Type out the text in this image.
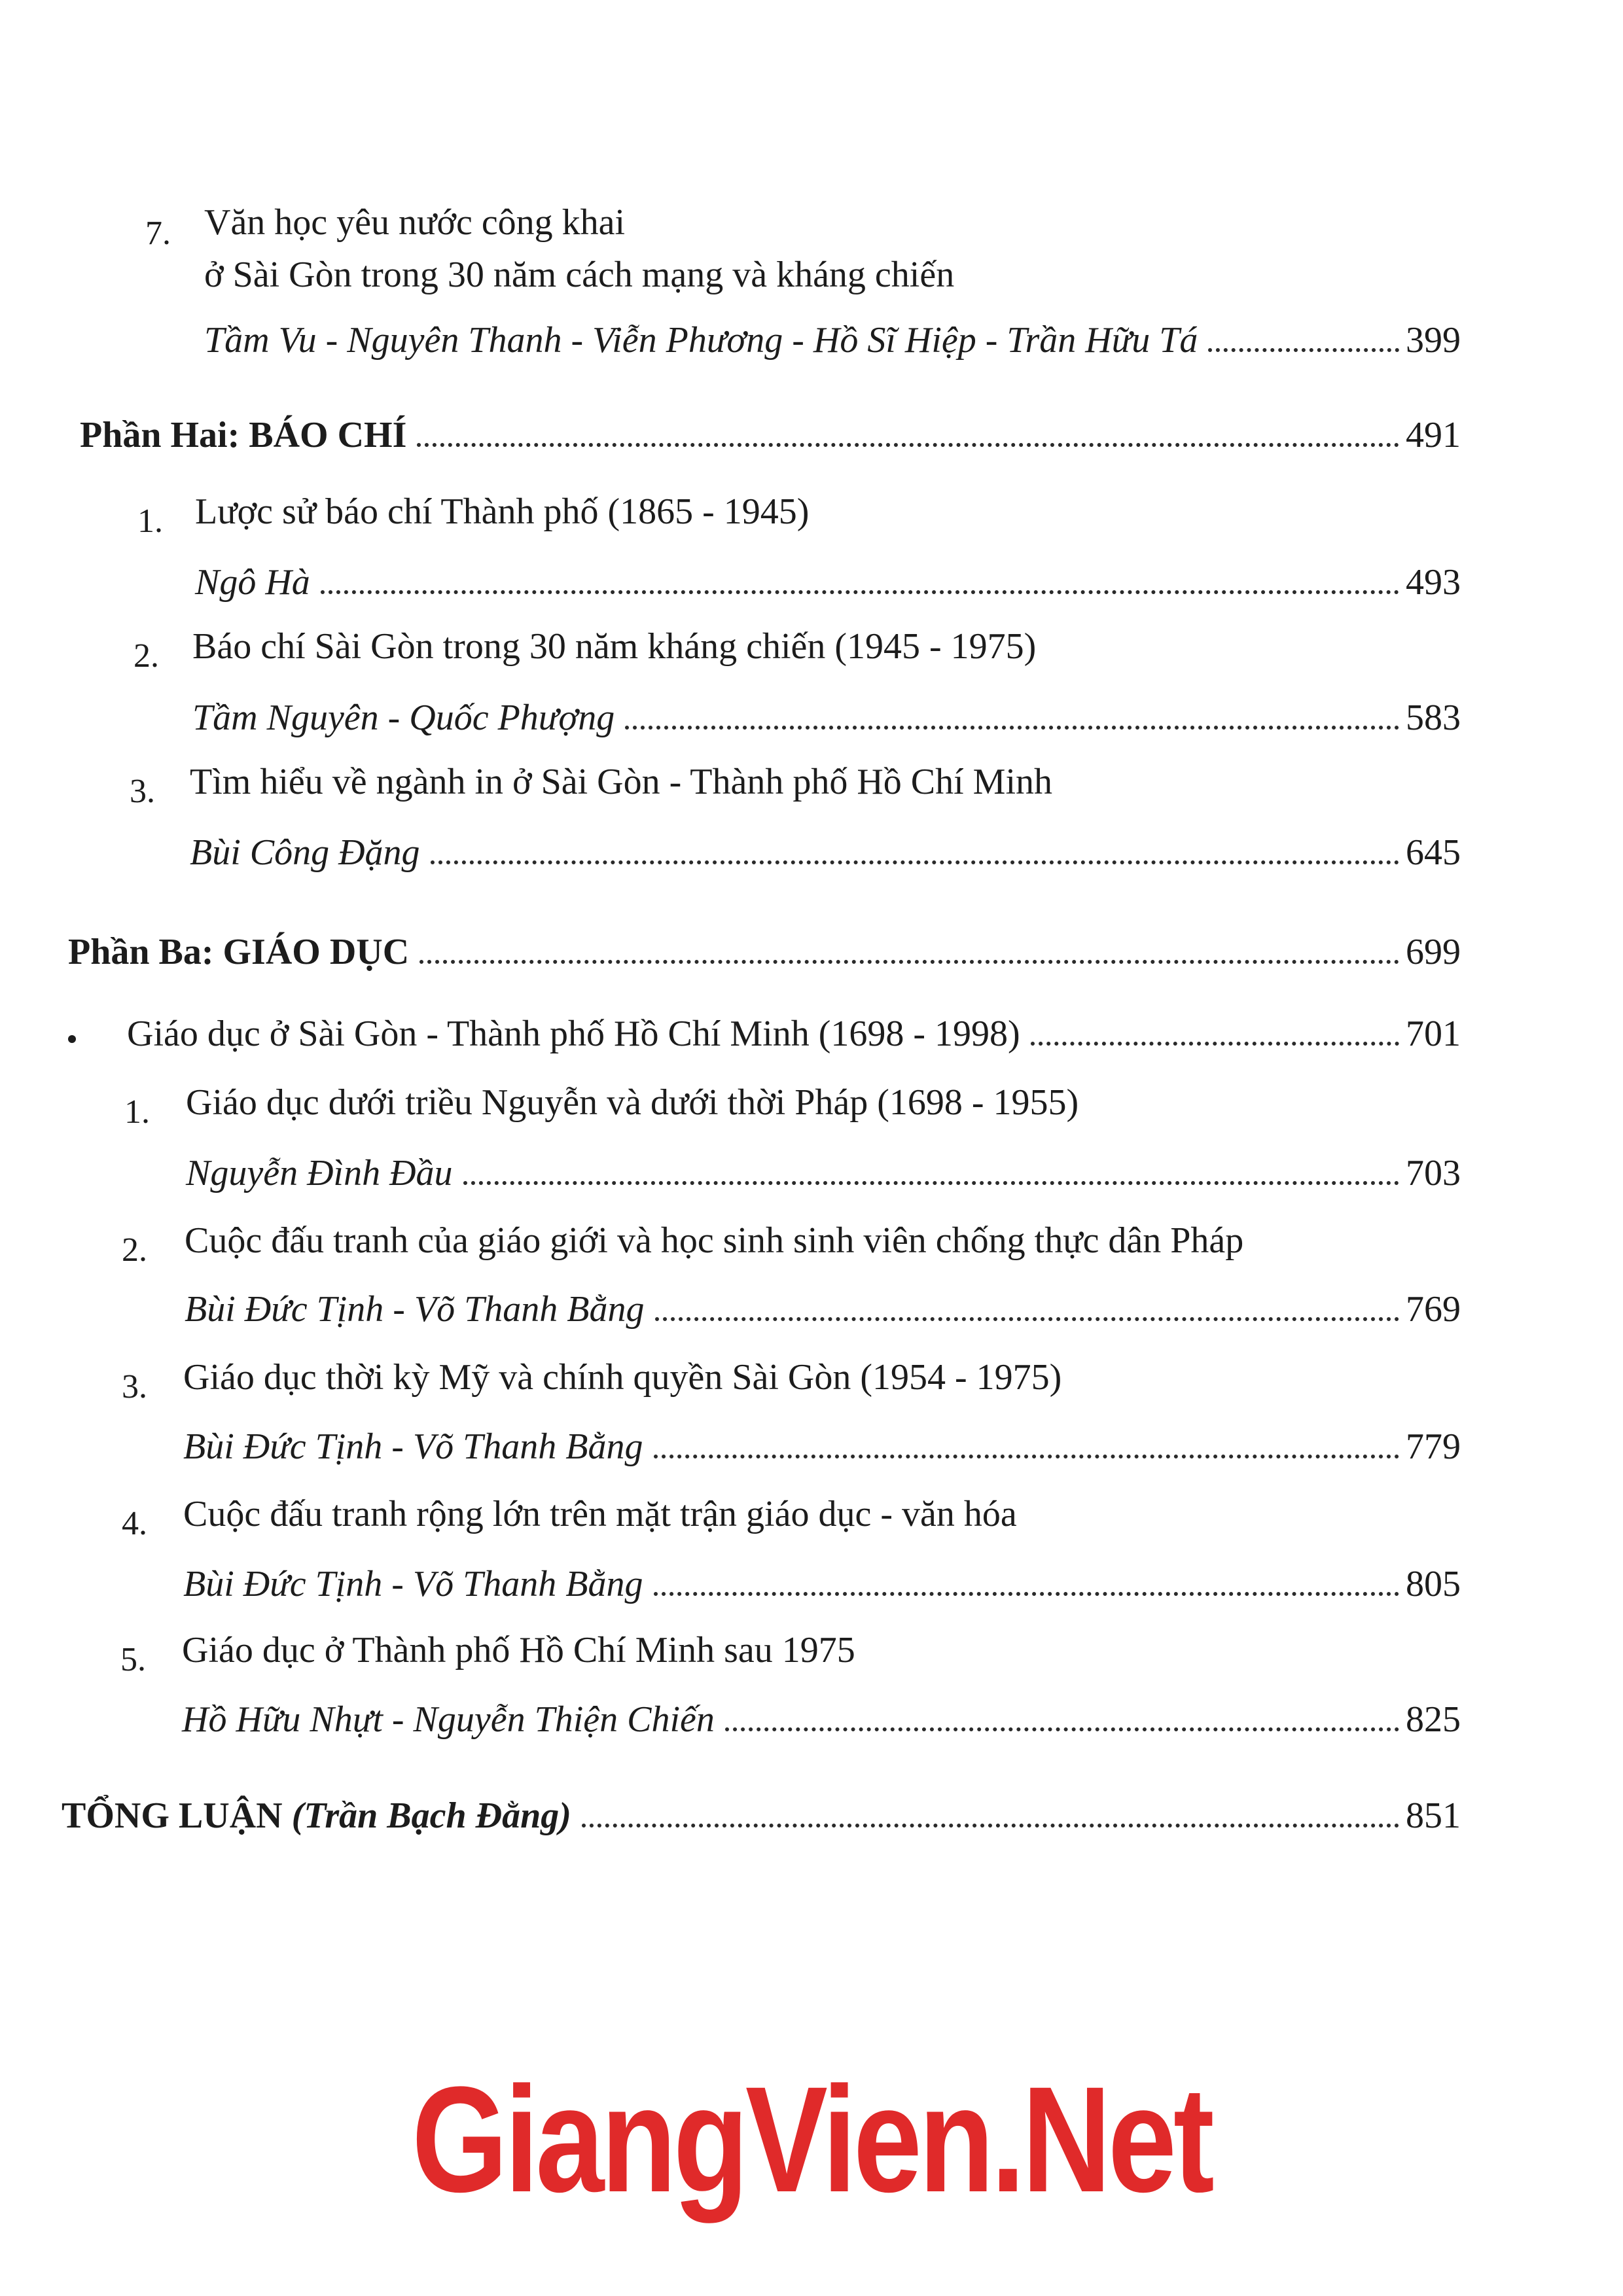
7. Văn học yêu nước công khai
ở Sài Gòn trong 30 năm cách mạng và kháng chiến
Tầm Vu - Nguyên Thanh - Viễn Phương - Hồ Sĩ Hiệp - Trần Hữu Tá	399
Phần Hai: BÁO CHÍ	491
1. Lược sử báo chí Thành phố (1865 - 1945)
Ngô Hà	493
2. Báo chí Sài Gòn trong 30 năm kháng chiến (1945 - 1975)
Tầm Nguyên - Quốc Phượng	583
3. Tìm hiểu về ngành in ở Sài Gòn - Thành phố Hồ Chí Minh
Bùi Công Đặng	645
Phần Ba: GIÁO DỤC	699
Giáo dục ở Sài Gòn - Thành phố Hồ Chí Minh (1698 - 1998)	701
1. Giáo dục dưới triều Nguyễn và dưới thời Pháp (1698 - 1955)
Nguyễn Đình Đầu	703
2. Cuộc đấu tranh của giáo giới và học sinh sinh viên chống thực dân Pháp
Bùi Đức Tịnh - Võ Thanh Bằng	769
3. Giáo dục thời kỳ Mỹ và chính quyền Sài Gòn (1954 - 1975)
Bùi Đức Tịnh - Võ Thanh Bằng	779
4. Cuộc đấu tranh rộng lớn trên mặt trận giáo dục - văn hóa
Bùi Đức Tịnh - Võ Thanh Bằng	805
5. Giáo dục ở Thành phố Hồ Chí Minh sau 1975
Hồ Hữu Nhựt - Nguyễn Thiện Chiến	825
TỔNG LUẬN (Trần Bạch Đằng)	851
GiangVien.Net
